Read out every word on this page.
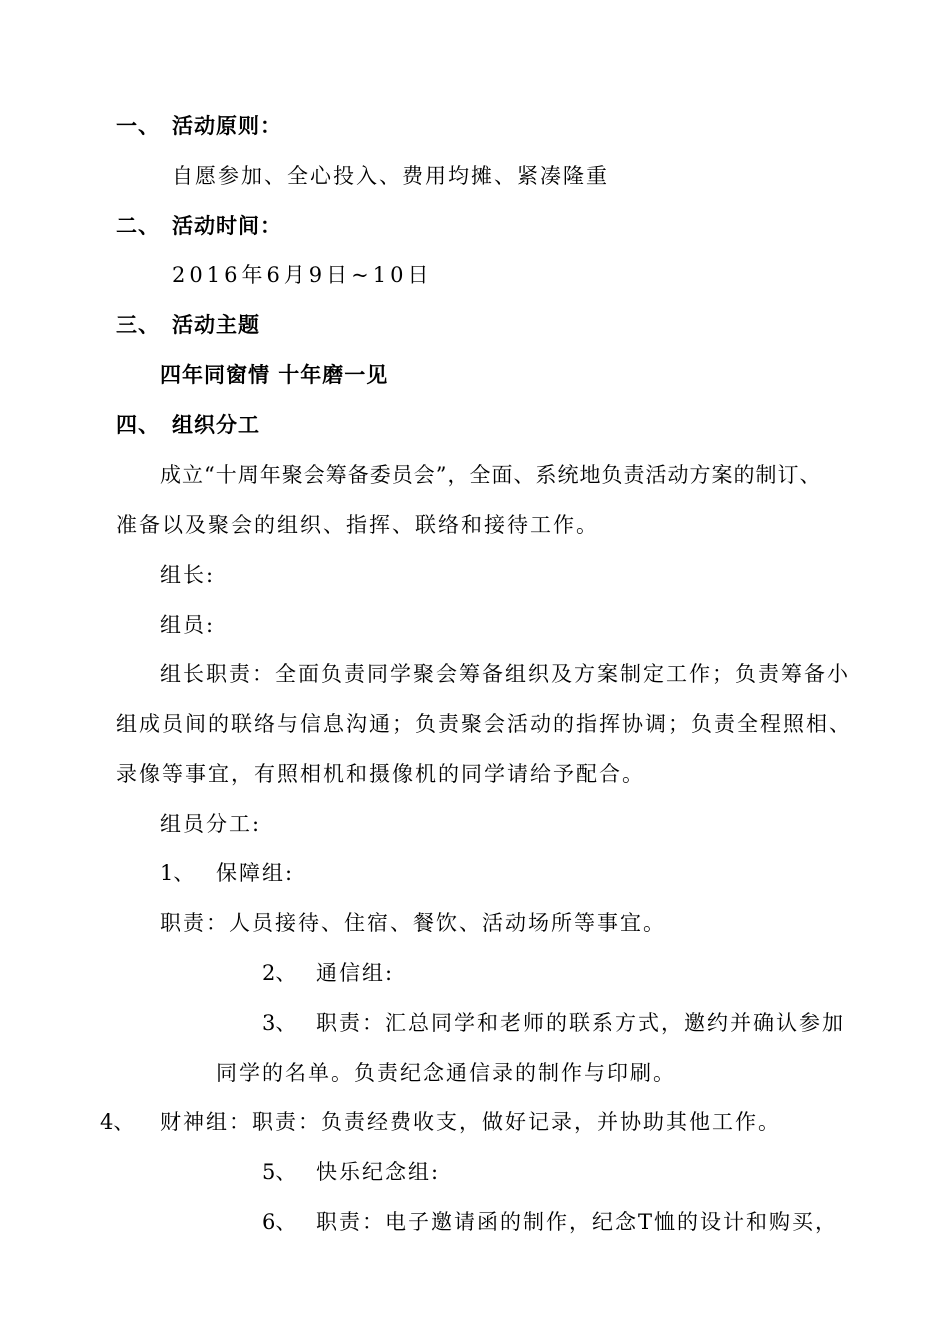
一、 活动原则：
自愿参加、全心投入、费用均摊、紧凑隆重
二、 活动时间：
2016年6月9日~10日
三、 活动主题
四年同窗情 十年磨一见
四、 组织分工
成立“十周年聚会筹备委员会”，全面、系统地负责活动方案的制订、
准备以及聚会的组织、指挥、联络和接待工作。
组长:
组员:
组长职责：全面负责同学聚会筹备组织及方案制定工作；负责筹备小
组成员间的联络与信息沟通；负责聚会活动的指挥协调；负责全程照相、
录像等事宜，有照相机和摄像机的同学请给予配合。
组员分工:
1、 保障组:
职责：人员接待、住宿、餐饮、活动场所等事宜。
2、 通信组:
3、 职责：汇总同学和老师的联系方式，邀约并确认参加
同学的名单。负责纪念通信录的制作与印刷。
4、 财神组：职责：负责经费收支，做好记录，并协助其他工作。
5、 快乐纪念组:
6、 职责：电子邀请函的制作，纪念T恤的设计和购买，
